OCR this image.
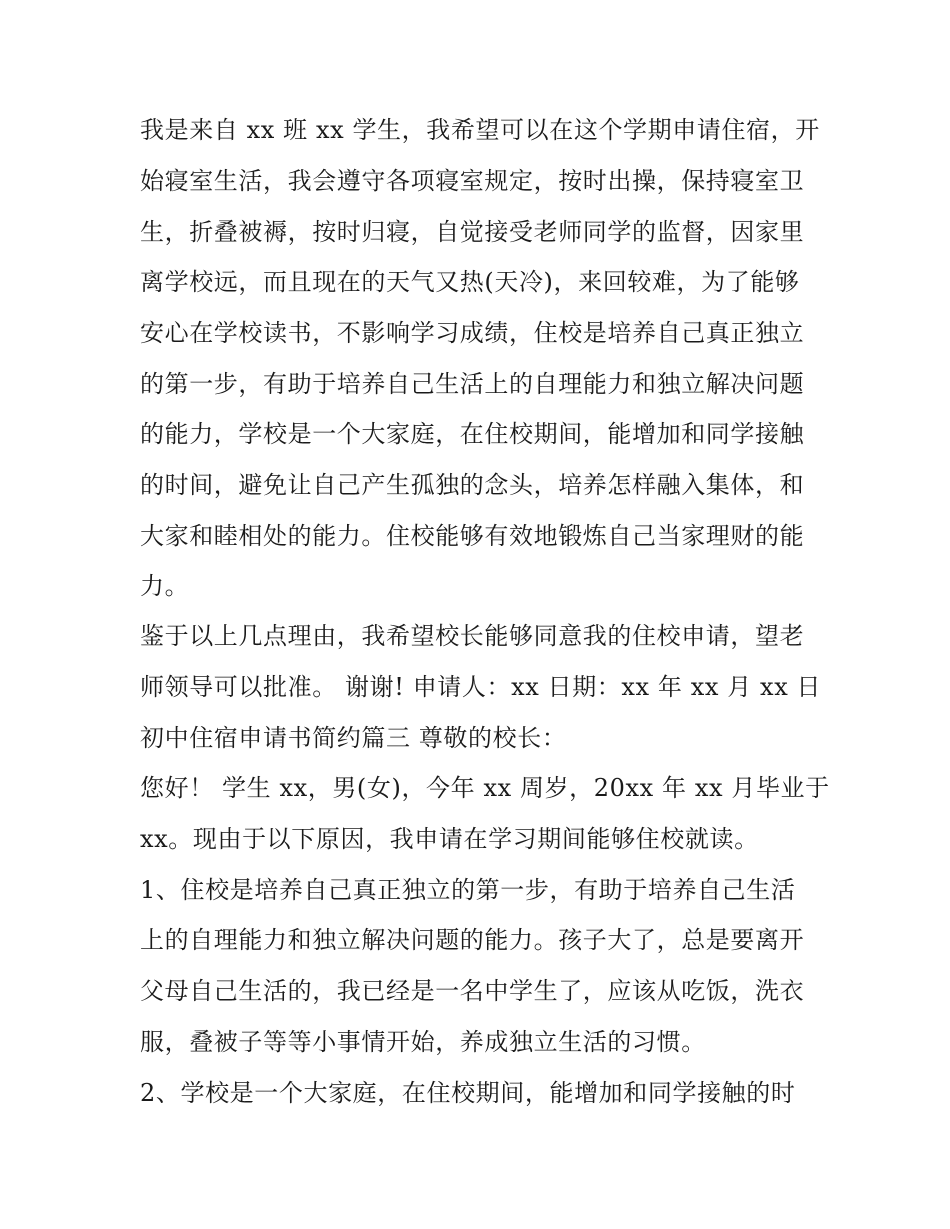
我是来自 xx 班 xx 学生，我希望可以在这个学期申请住宿，开
始寝室生活，我会遵守各项寝室规定，按时出操，保持寝室卫
生，折叠被褥，按时归寝，自觉接受老师同学的监督，因家里
离学校远，而且现在的天气又热(天冷)，来回较难，为了能够
安心在学校读书，不影响学习成绩，住校是培养自己真正独立
的第一步，有助于培养自己生活上的自理能力和独立解决问题
的能力，学校是一个大家庭，在住校期间，能增加和同学接触
的时间，避免让自己产生孤独的念头，培养怎样融入集体，和
大家和睦相处的能力。住校能够有效地锻炼自己当家理财的能
力。
鉴于以上几点理由，我希望校长能够同意我的住校申请，望老
师领导可以批准。 谢谢! 申请人：xx 日期：xx 年 xx 月 xx 日
初中住宿申请书简约篇三 尊敬的校长：
您好！ 学生 xx，男(女)，今年 xx 周岁，20xx 年 xx 月毕业于
xx。现由于以下原因，我申请在学习期间能够住校就读。
1、住校是培养自己真正独立的第一步，有助于培养自己生活
上的自理能力和独立解决问题的能力。孩子大了，总是要离开
父母自己生活的，我已经是一名中学生了，应该从吃饭，洗衣
服，叠被子等等小事情开始，养成独立生活的习惯。
2、学校是一个大家庭，在住校期间，能增加和同学接触的时
